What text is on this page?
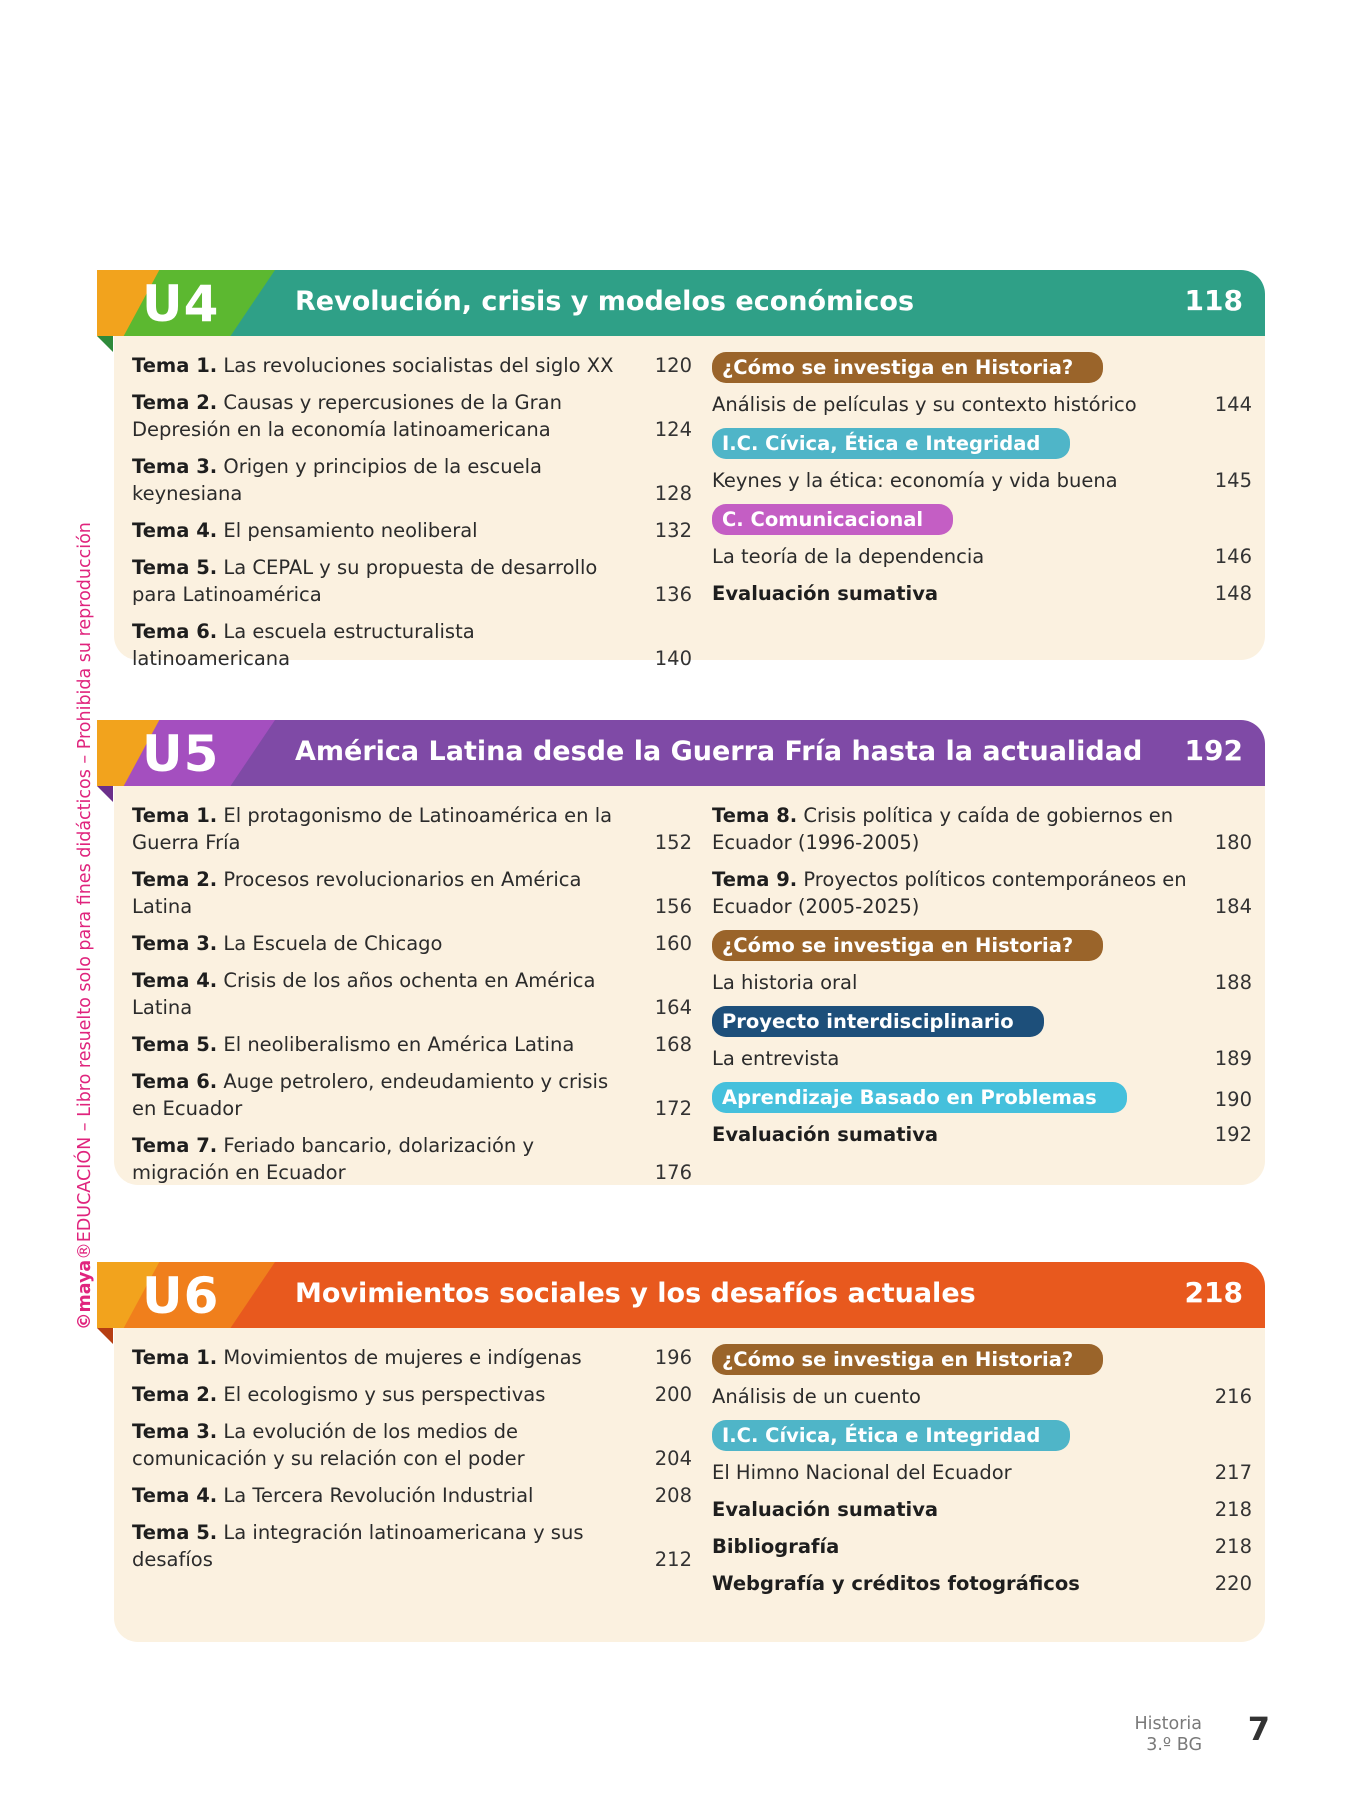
©maya®EDUCACIÓN – Libro resuelto solo para fines didácticos – Prohibida su reproducción
U4	Revolución, crisis y modelos económicos	118
Tema 1. Las revoluciones socialistas del siglo XX 120
Tema 2. Causas y repercusiones de la Gran Depresión en la economía latinoamericana	124
Tema 3. Origen y principios de la escuela keynesiana	128
Tema 4. El pensamiento neoliberal	132
Tema 5. La CEPAL y su propuesta de desarrollo para Latinoamérica	136
Tema 6. La escuela estructuralista latinoamericana	140
¿Cómo se investiga en Historia?
Análisis de películas y su contexto histórico	144
I.C. Cívica, Ética e Integridad
Keynes y la ética: economía y vida buena	145
C. Comunicacional
La teoría de la dependencia	146
Evaluación sumativa	148
U5	América Latina desde la Guerra Fría hasta la actualidad 192
Tema 1. El protagonismo de Latinoamérica en la Guerra Fría	152
Tema 2. Procesos revolucionarios en América Latina	156
Tema 3. La Escuela de Chicago	160
Tema 4. Crisis de los años ochenta en América Latina	164
Tema 5. El neoliberalismo en América Latina	168
Tema 6. Auge petrolero, endeudamiento y crisis en Ecuador	172
Tema 7. Feriado bancario, dolarización y migración en Ecuador	176
Tema 8. Crisis política y caída de gobiernos en Ecuador (1996-2005)	180
Tema 9. Proyectos políticos contemporáneos en Ecuador (2005-2025)	184
¿Cómo se investiga en Historia?
La historia oral	188
Proyecto interdisciplinario
La entrevista	189
Aprendizaje Basado en Problemas	190
Evaluación sumativa	192
U6	Movimientos sociales y los desafíos actuales	218
Tema 1. Movimientos de mujeres e indígenas	196
Tema 2. El ecologismo y sus perspectivas	200
Tema 3. La evolución de los medios de comunicación y su relación con el poder	204
Tema 4. La Tercera Revolución Industrial	208
Tema 5. La integración latinoamericana y sus desafíos	212
¿Cómo se investiga en Historia?
Análisis de un cuento	216
I.C. Cívica, Ética e Integridad
El Himno Nacional del Ecuador	217
Evaluación sumativa	218
Bibliografía	218
Webgrafía y créditos fotográficos	220
Historia
3.º BG 7
